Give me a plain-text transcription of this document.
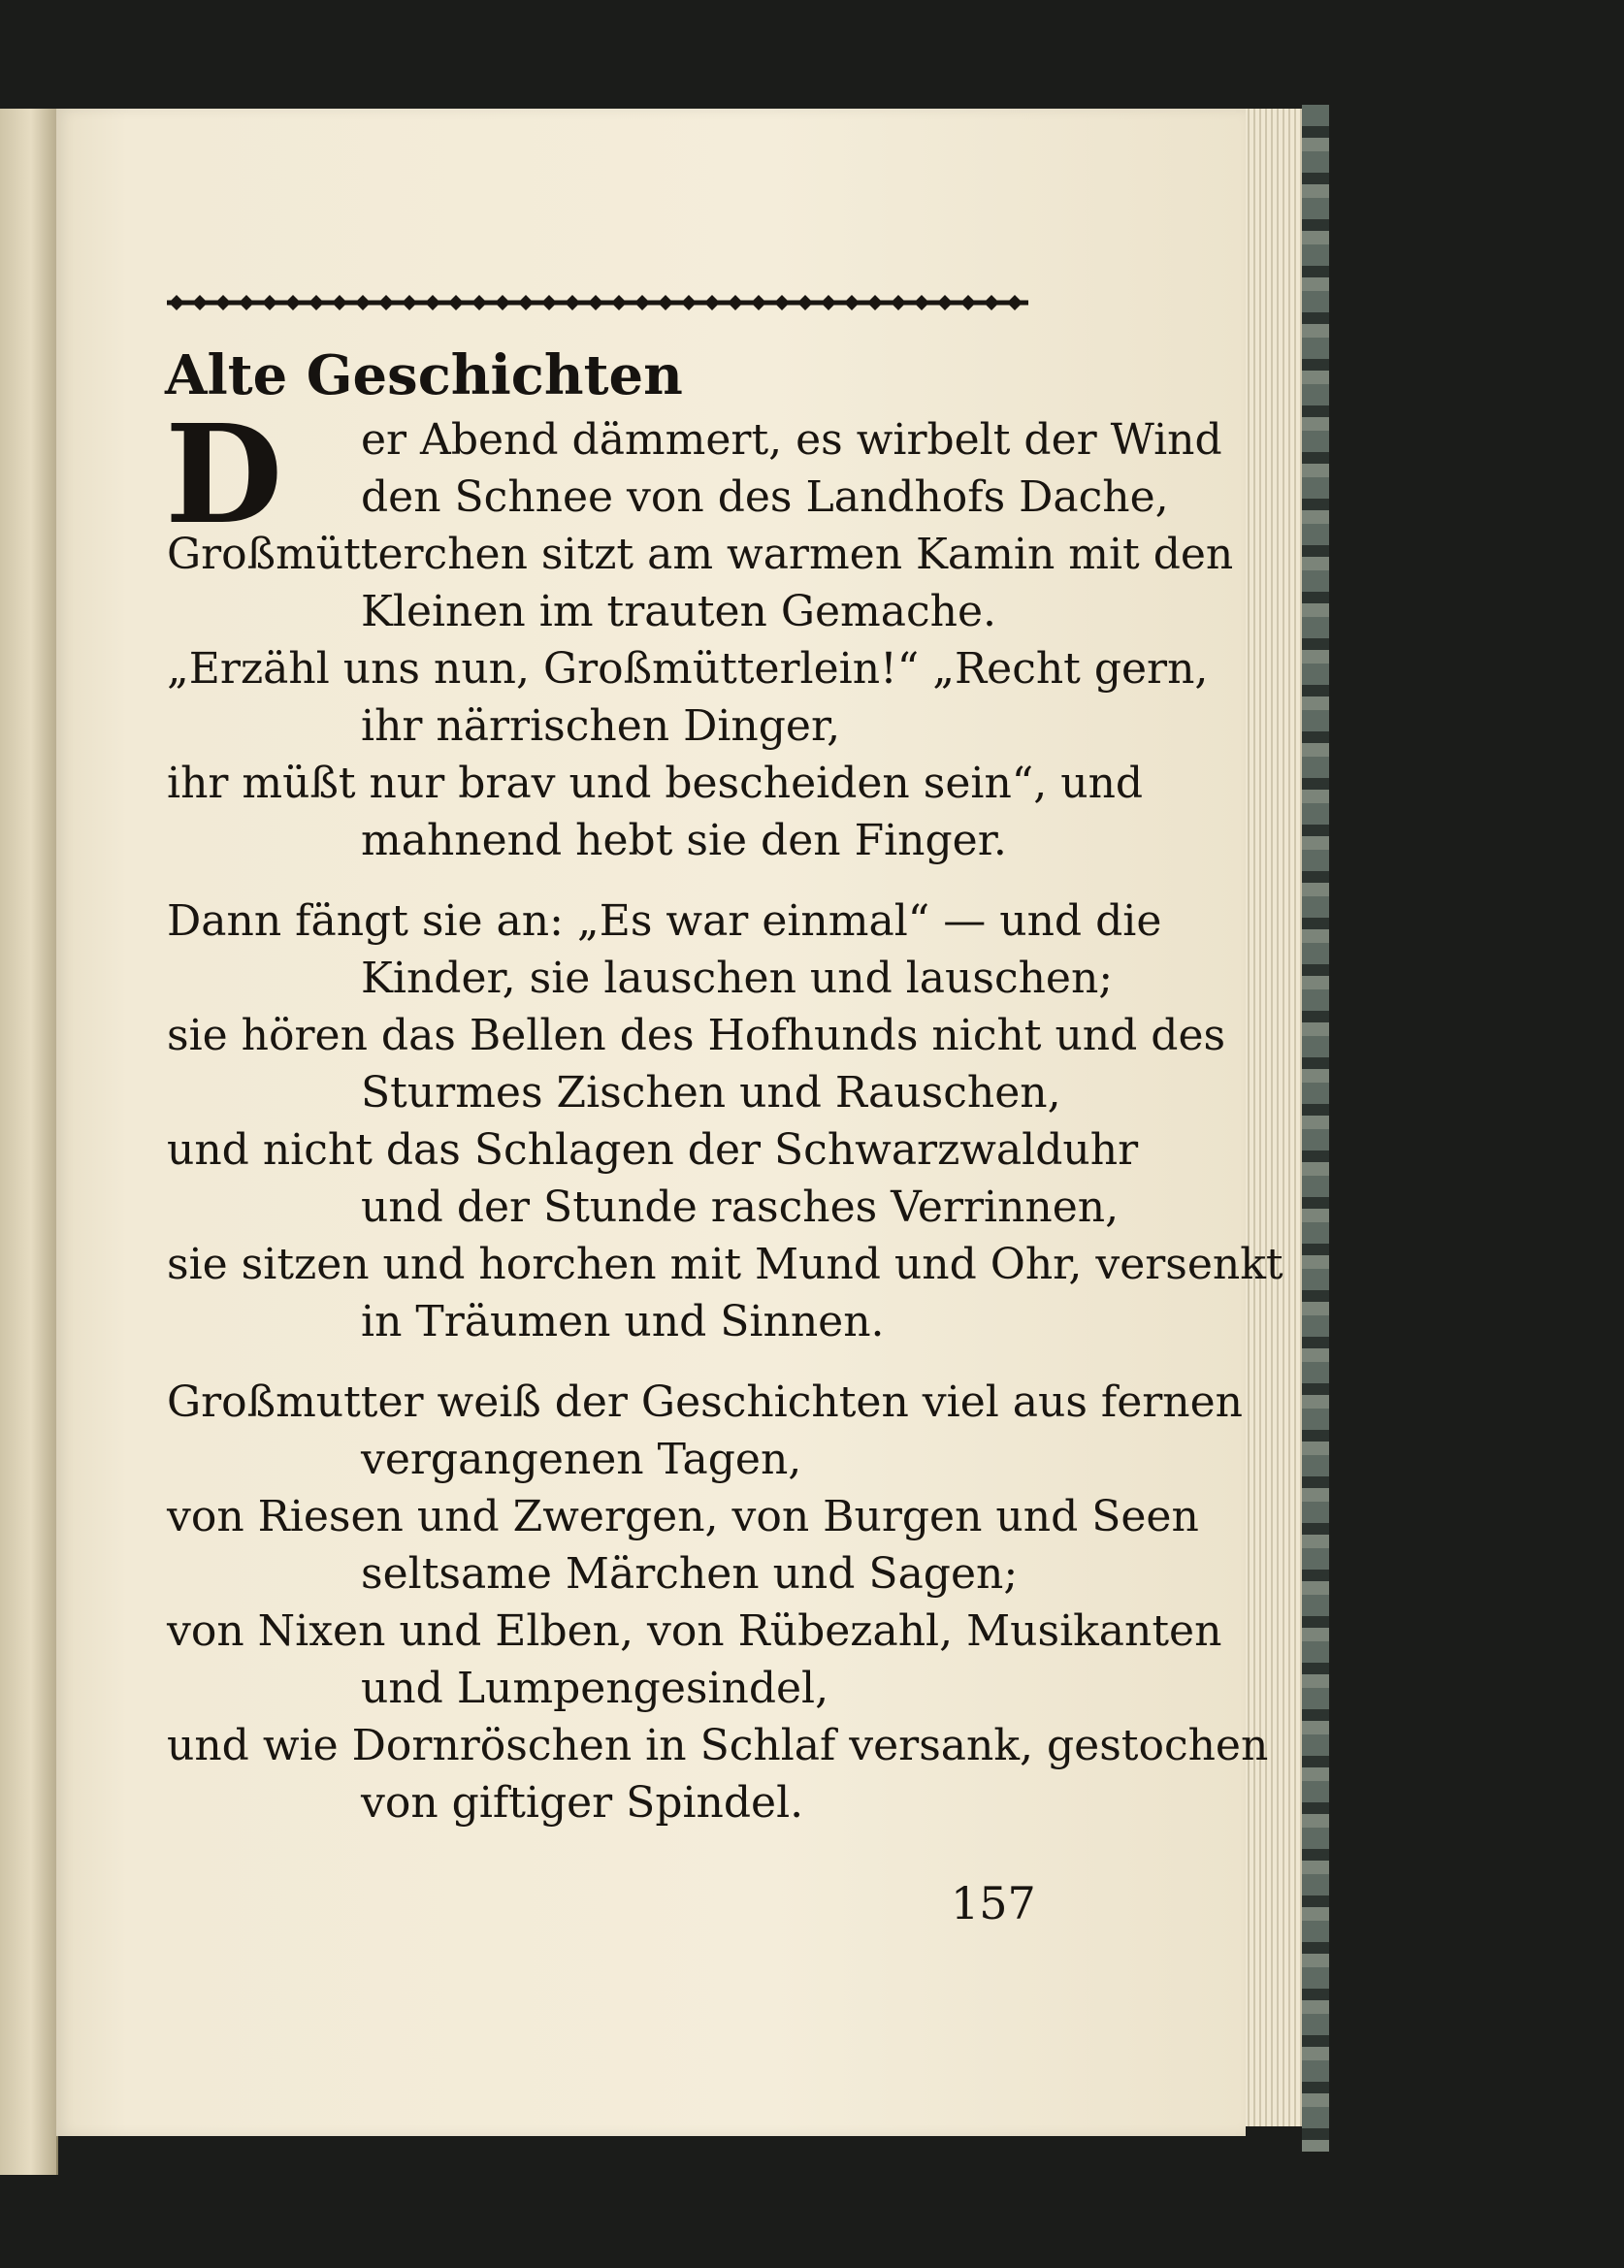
Alte Geschichten
D er Abend dämmert, es wirbelt der Wind
den Schnee von des Landhofs Dache,
Großmütterchen sitzt am warmen Kamin mit den
Kleinen im trauten Gemache.
„Erzähl uns nun, Großmütterlein!“ „Recht gern,
ihr närrischen Dinger,
ihr müßt nur brav und bescheiden sein“, und
mahnend hebt sie den Finger.
Dann fängt sie an: „Es war einmal“ — und die
Kinder, sie lauschen und lauschen;
sie hören das Bellen des Hofhunds nicht und des
Sturmes Zischen und Rauschen,
und nicht das Schlagen der Schwarzwalduhr
und der Stunde rasches Verrinnen,
sie sitzen und horchen mit Mund und Ohr, versenkt
in Träumen und Sinnen.
Großmutter weiß der Geschichten viel aus fernen
vergangenen Tagen,
von Riesen und Zwergen, von Burgen und Seen
seltsame Märchen und Sagen;
von Nixen und Elben, von Rübezahl, Musikanten
und Lumpengesindel,
und wie Dornröschen in Schlaf versank, gestochen
von giftiger Spindel.
157
